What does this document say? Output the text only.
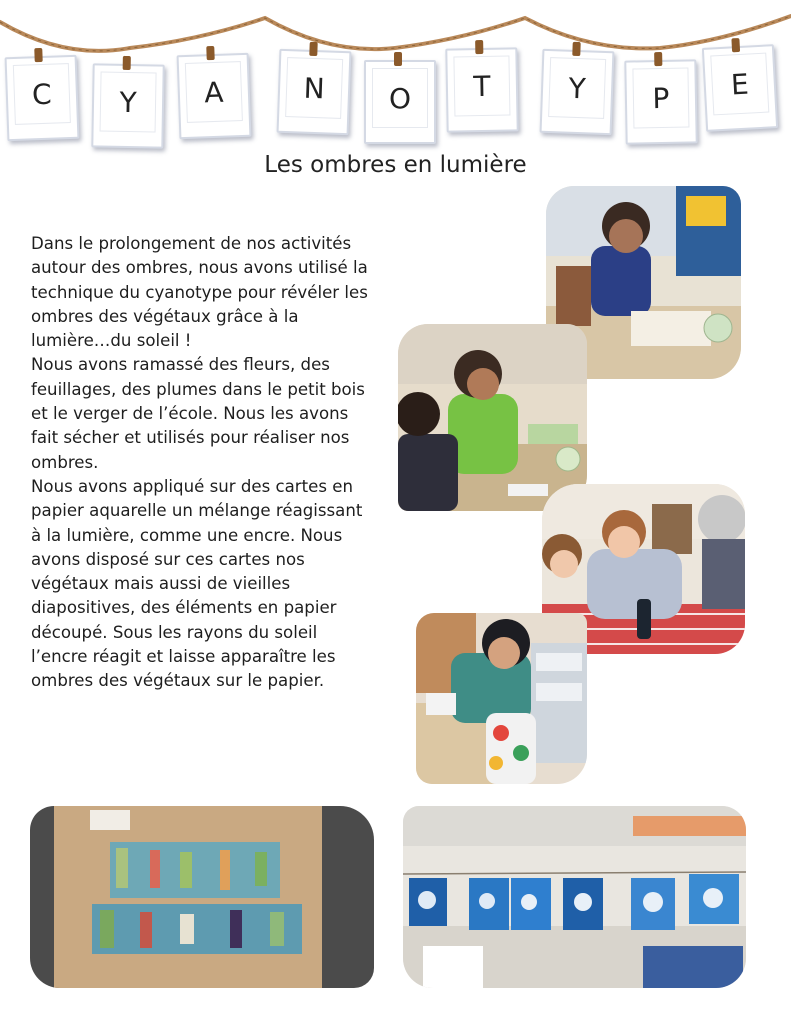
C	Y	A	N	O	T	Y	P	E
Les ombres en lumière

Dans le prolongement de nos activités autour des ombres, nous avons utilisé la technique du cyanotype pour révéler les ombres des végétaux grâce à la lumière…du soleil !

Nous avons ramassé des fleurs, des feuillages, des plumes dans le petit bois et le verger de l’école. Nous les avons fait sécher et utilisés pour réaliser nos ombres.

Nous avons appliqué sur des cartes en papier aquarelle un mélange réagissant à la lumière, comme une encre. Nous avons disposé sur ces cartes nos végétaux mais aussi de vieilles diapositives, des éléments en papier découpé. Sous les rayons du soleil l’encre réagit et laisse apparaître les ombres des végétaux sur le papier.
